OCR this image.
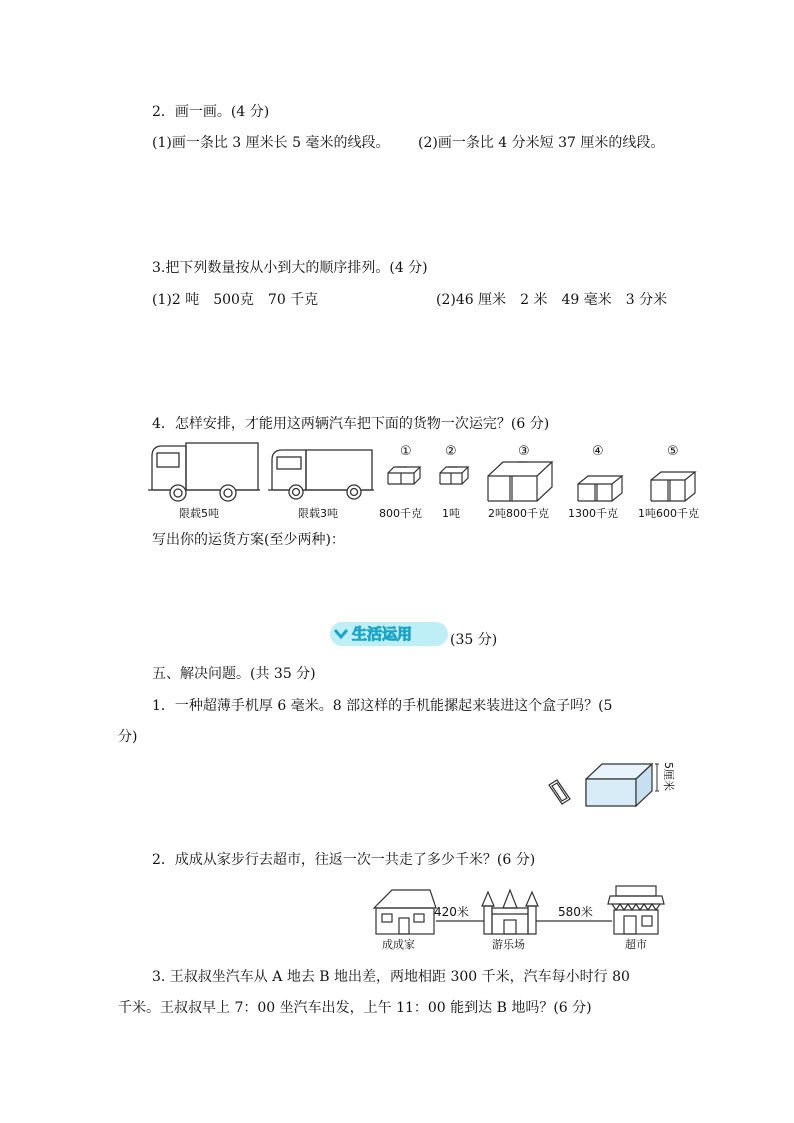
2．画一画。(4 分)
(1)画一条比 3 厘米长 5 毫米的线段。 (2)画一条比 4 分米短 37 厘米的线段。
3.把下列数量按从小到大的顺序排列。(4 分)
(1)2 吨　500克　70 千克	(2)46 厘米　2 米　49 毫米　3 分米
4．怎样安排，才能用这两辆汽车把下面的货物一次运完？(6 分)
限载5吨	限载3吨
①
800千克
②
1吨
③
2吨800千克
④
1300千克
⑤
1吨600千克
写出你的运货方案(至少两种)：
生活运用	(35 分)
五、解决问题。(共 35 分)
1．一种超薄手机厚 6 毫米。8 部这样的手机能摞起来装进这个盒子吗？(5
分)
5厘米
2．成成从家步行去超市，往返一次一共走了多少千米？(6 分)
420米	580米
成成家	游乐场	超市
3. 王叔叔坐汽车从 A 地去 B 地出差，两地相距 300 千米，汽车每小时行 80
千米。王叔叔早上 7：00 坐汽车出发，上午 11：00 能到达 B 地吗？(6 分)
